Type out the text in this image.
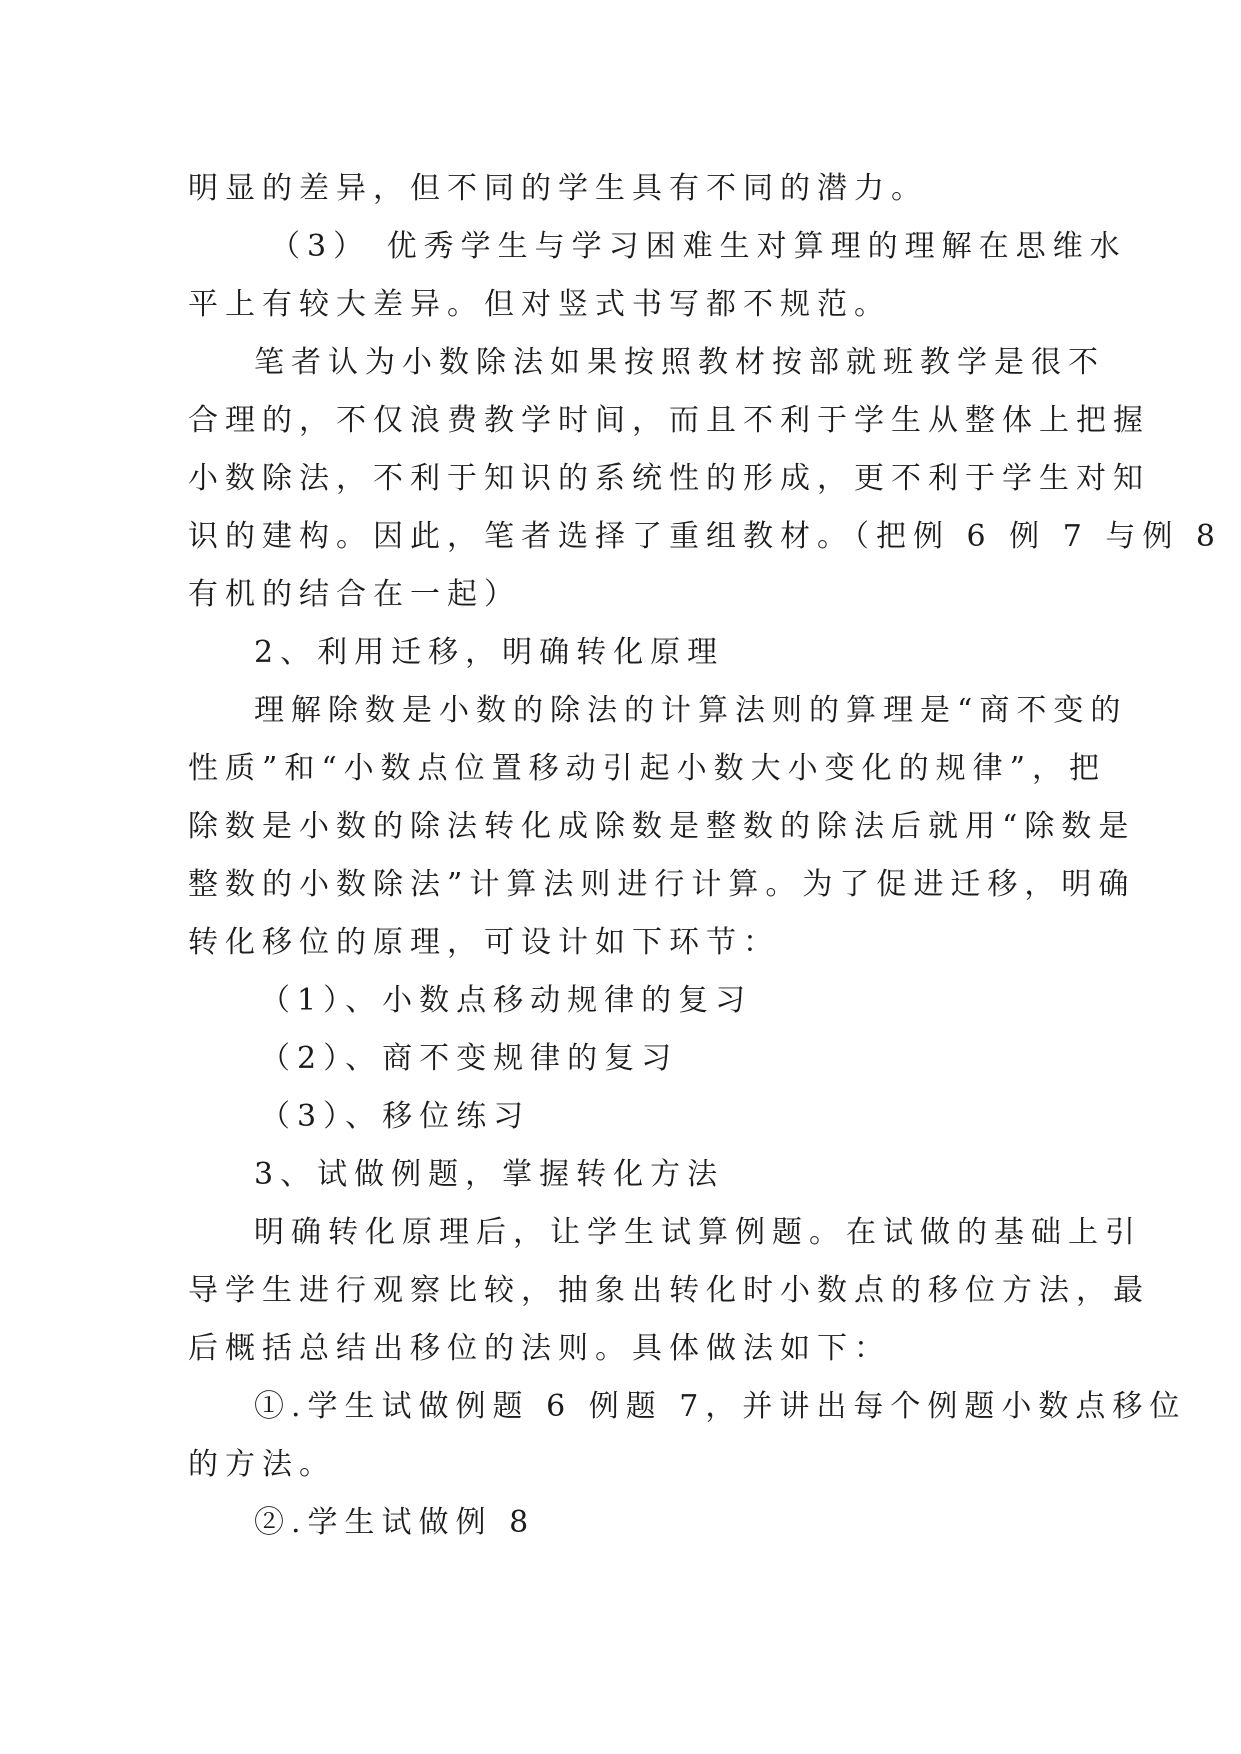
明显的差异，但不同的学生具有不同的潜力。
（3） 优秀学生与学习困难生对算理的理解在思维水
平上有较大差异。但对竖式书写都不规范。
笔者认为小数除法如果按照教材按部就班教学是很不
合理的，不仅浪费教学时间，而且不利于学生从整体上把握
小数除法，不利于知识的系统性的形成，更不利于学生对知
识的建构。因此，笔者选择了重组教材。（把例 6 例 7 与例 8
有机的结合在一起）
2、利用迁移，明确转化原理
理解除数是小数的除法的计算法则的算理是“商不变的
性质”和“小数点位置移动引起小数大小变化的规律”，把
除数是小数的除法转化成除数是整数的除法后就用“除数是
整数的小数除法”计算法则进行计算。为了促进迁移，明确
转化移位的原理，可设计如下环节：
（1）、小数点移动规律的复习
（2）、商不变规律的复习
（3）、移位练习
3、试做例题，掌握转化方法
明确转化原理后，让学生试算例题。在试做的基础上引
导学生进行观察比较，抽象出转化时小数点的移位方法，最
后概括总结出移位的法则。具体做法如下：
①.学生试做例题 6 例题 7，并讲出每个例题小数点移位
的方法。
②.学生试做例 8
